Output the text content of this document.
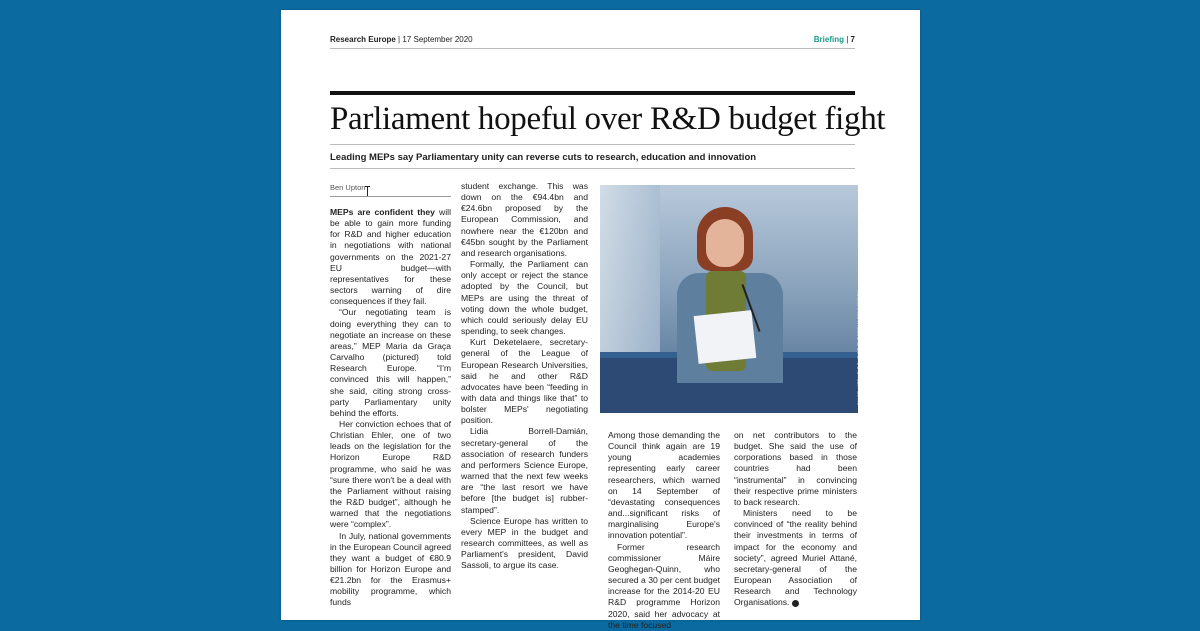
Research Europe | 17 September 2020	Briefing | 7
Parliament hopeful over R&D budget fight
Leading MEPs say Parliamentary unity can reverse cuts to research, education and innovation
Ben Upton

MEPs are confident they will be able to gain more funding for R&D and higher education in negotiations with national governments on the 2021-27 EU budget—with representatives for these sectors warning of dire consequences if they fail.

“Our negotiating team is doing everything they can to negotiate an increase on these areas,” MEP Maria da Graça Carvalho (pictured) told Research Europe. “I'm convinced this will happen,” she said, citing strong cross-party Parliamentary unity behind the efforts.

Her conviction echoes that of Christian Ehler, one of two leads on the legislation for the Horizon Europe R&D programme, who said he was “sure there won't be a deal with the Parliament without raising the R&D budget”, although he warned that the negotiations were “complex”.

In July, national governments in the European Council agreed they want a budget of €80.9 billion for Horizon Europe and €21.2bn for the Erasmus+ mobility programme, which funds

student exchange. This was down on the €94.4bn and €24.6bn proposed by the European Commission, and nowhere near the €120bn and €45bn sought by the Parliament and research organisations.

Formally, the Parliament can only accept or reject the stance adopted by the Council, but MEPs are using the threat of voting down the whole budget, which could seriously delay EU spending, to seek changes.

Kurt Deketelaere, secretary-general of the League of European Research Universities, said he and other R&D advocates have been “feeding in with data and things like that” to bolster MEPs' negotiating position.

Lidia Borrell-Damián, secretary-general of the association of research funders and performers Science Europe, warned that the next few weeks are “the last resort we have before [the budget is] rubber-stamped”.

Science Europe has written to every MEP in the budget and research committees, as well as Parliament's president, David Sassoli, to argue its case.

IMAGE: MRT HELT-DURIOT, EUROPEAN COMMISSION

Among those demanding the Council think again are 19 young academies representing early career researchers, which warned on 14 September of “devastating consequences and...significant risks of marginalising Europe's innovation potential”.

Former research commissioner Máire Geoghegan-Quinn, who secured a 30 per cent budget increase for the 2014-20 EU R&D programme Horizon 2020, said her advocacy at the time focused

on net contributors to the budget. She said the use of corporations based in those countries had been “instrumental” in convincing their respective prime ministers to back research.

Ministers need to be convinced of “the reality behind their investments in terms of impact for the economy and society”, agreed Muriel Attané, secretary-general of the European Association of Research and Technology Organisations. ➜
